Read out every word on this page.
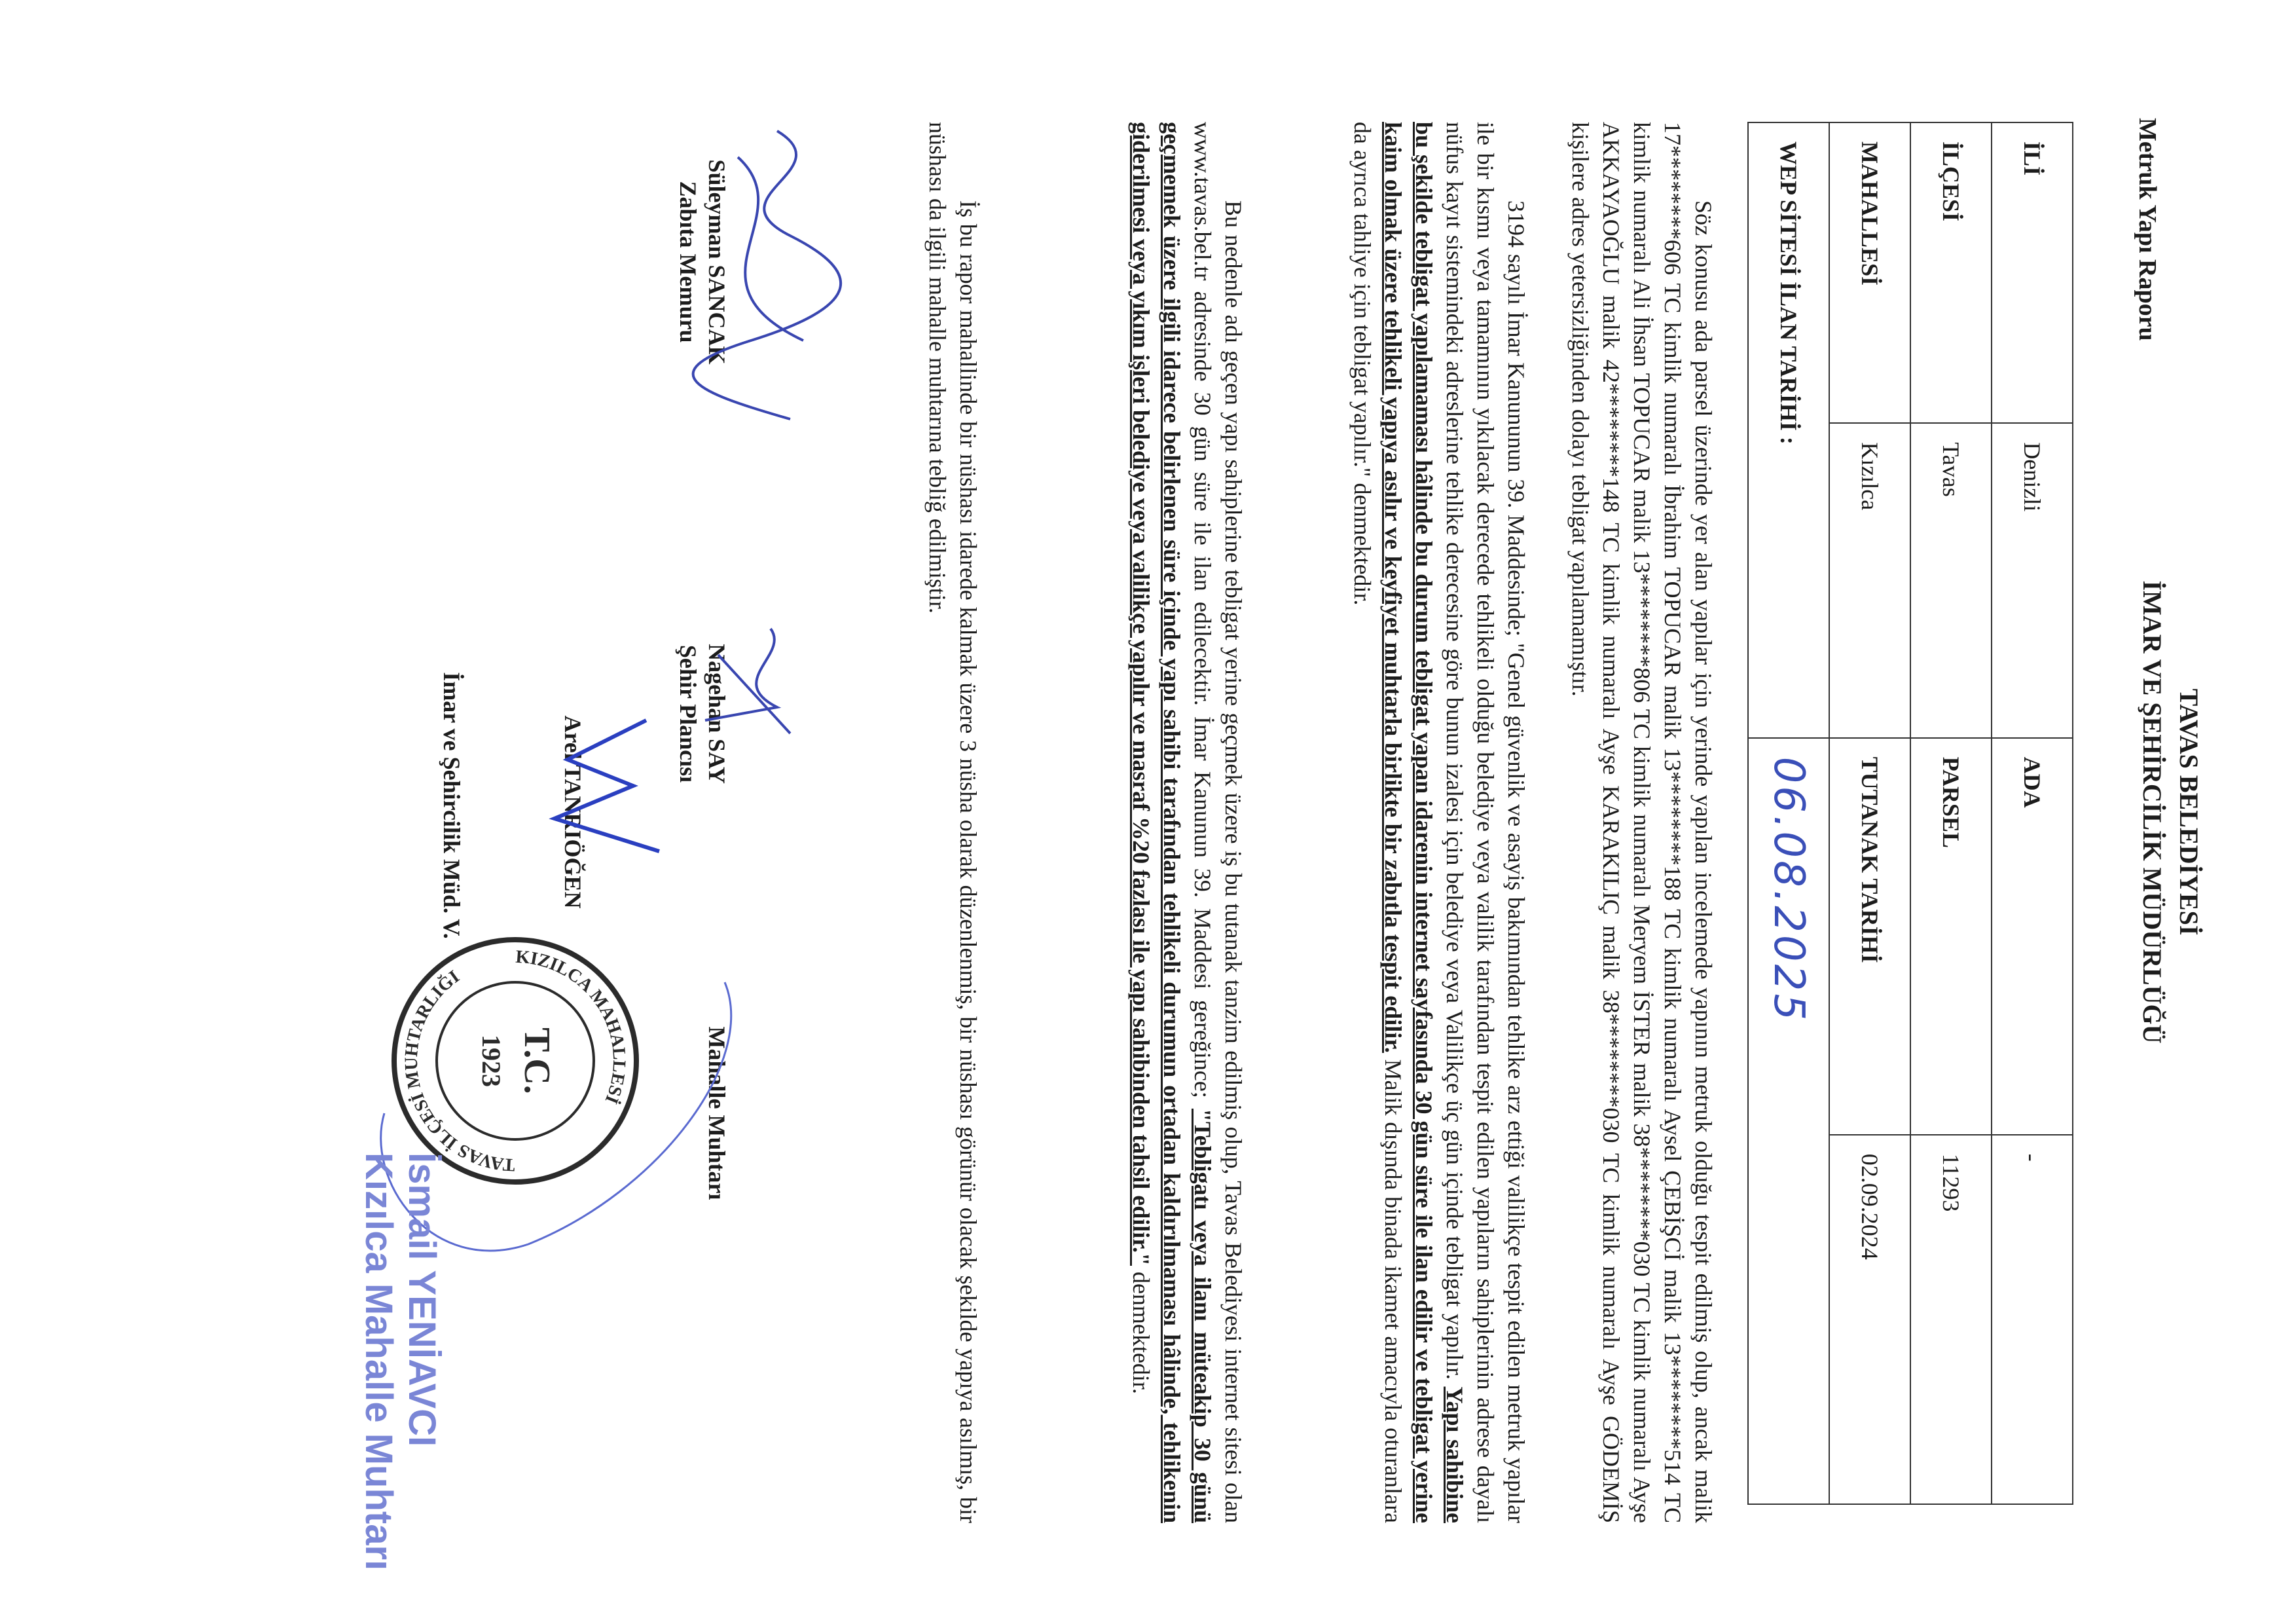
TAVAS BELEDİYESİ
İMAR VE ŞEHİRCİLİK MÜDÜRLÜĞÜ
Metruk Yapı Raporu
İLİ	Denizli	ADA	-
İLÇESİ	Tavas	PARSEL	11293
MAHALLESİ	Kızılca	TUTANAK TARİHİ	02.09.2024
WEP SİTESİ İLAN TARİHİ :		06.08.2025	
Söz konusu ada parsel üzerinde yer alan yapılar için yerinde yapılan incelemede yapının metruk olduğu tespit edilmiş olup, ancak malik 17********606 TC kimlik numaralı İbrahim TOPUCAR malik 13********188 TC kimlik numaralı Aysel ÇEBİŞCİ malik 13********514 TC kimlik numaralı Ali İhsan TOPUCAR malik 13********806 TC kimlik numaralı Meryem İSTER malik 38********030 TC kimlik numaralı Ayşe AKKAYAOĞLU malik 42********148 TC kimlik numaralı Ayşe KARAKILIÇ malik 38********030 TC kimlik numaralı Ayşe GÖDEMİŞ kişilere adres yetersizliğinden dolayı tebligat yapılamamıştır.
3194 sayılı İmar Kanununun 39. Maddesinde; "Genel güvenlik ve asayiş bakımından tehlike arz ettiği valilikçe tespit edilen metruk yapılar ile bir kısmı veya tamamının yıkılacak derecede tehlikeli olduğu belediye veya valilik tarafından tespit edilen yapıların sahiplerinin adrese dayalı nüfus kayıt sistemindeki adreslerine tehlike derecesine göre bunun izalesi için belediye veya Valilikçe üç gün içinde tebligat yapılır. Yapı sahibine bu şekilde tebligat yapılamaması hâlinde bu durum tebligat yapan idarenin internet sayfasında 30 gün süre ile ilan edilir ve tebligat yerine kaim olmak üzere tehlikeli yapıya asılır ve keyfiyet muhtarla birlikte bir zabıtla tespit edilir. Malik dışında binada ikamet amacıyla oturanlara da ayrıca tahliye için tebligat yapılır." denmektedir.
Bu nedenle adı geçen yapı sahiplerine tebligat yerine geçmek üzere iş bu tutanak tanzim edilmiş olup, Tavas Belediyesi internet sitesi olan www.tavas.bel.tr adresinde 30 gün süre ile ilan edilecektir. İmar Kanunun 39. Maddesi gereğince; "Tebligatı veya ilanı müteakip 30 günü geçmemek üzere ilgili idarece belirlenen süre içinde yapı sahibi tarafından tehlikeli durumun ortadan kaldırılmaması hâlinde, tehlikenin giderilmesi veya yıkım işleri belediye veya valilikçe yapılır ve masraf %20 fazlası ile yapı sahibinden tahsil edilir." denmektedir.
İş bu rapor mahallinde bir nüshası idarede kalmak üzere 3 nüsha olarak düzenlenmiş, bir nüshası görünür olacak şekilde yapıya asılmış, bir nüshası da ilgili mahalle muhtarına tebliğ edilmiştir.
Süleyman SANCAK
Zabıta Memuru
Nagehan SAY
Şehir Plancısı
Mahalle Muhtarı
Arel TANRIÖĞEN
İmar ve Şehircilik Müd. V.
KIZILCA MAHALLESİ
TAVAS İLÇESİ MUHTARLIĞI
T.C.
1923
İsmail YENİAVCI
Kızılca Mahalle Muhtarı
